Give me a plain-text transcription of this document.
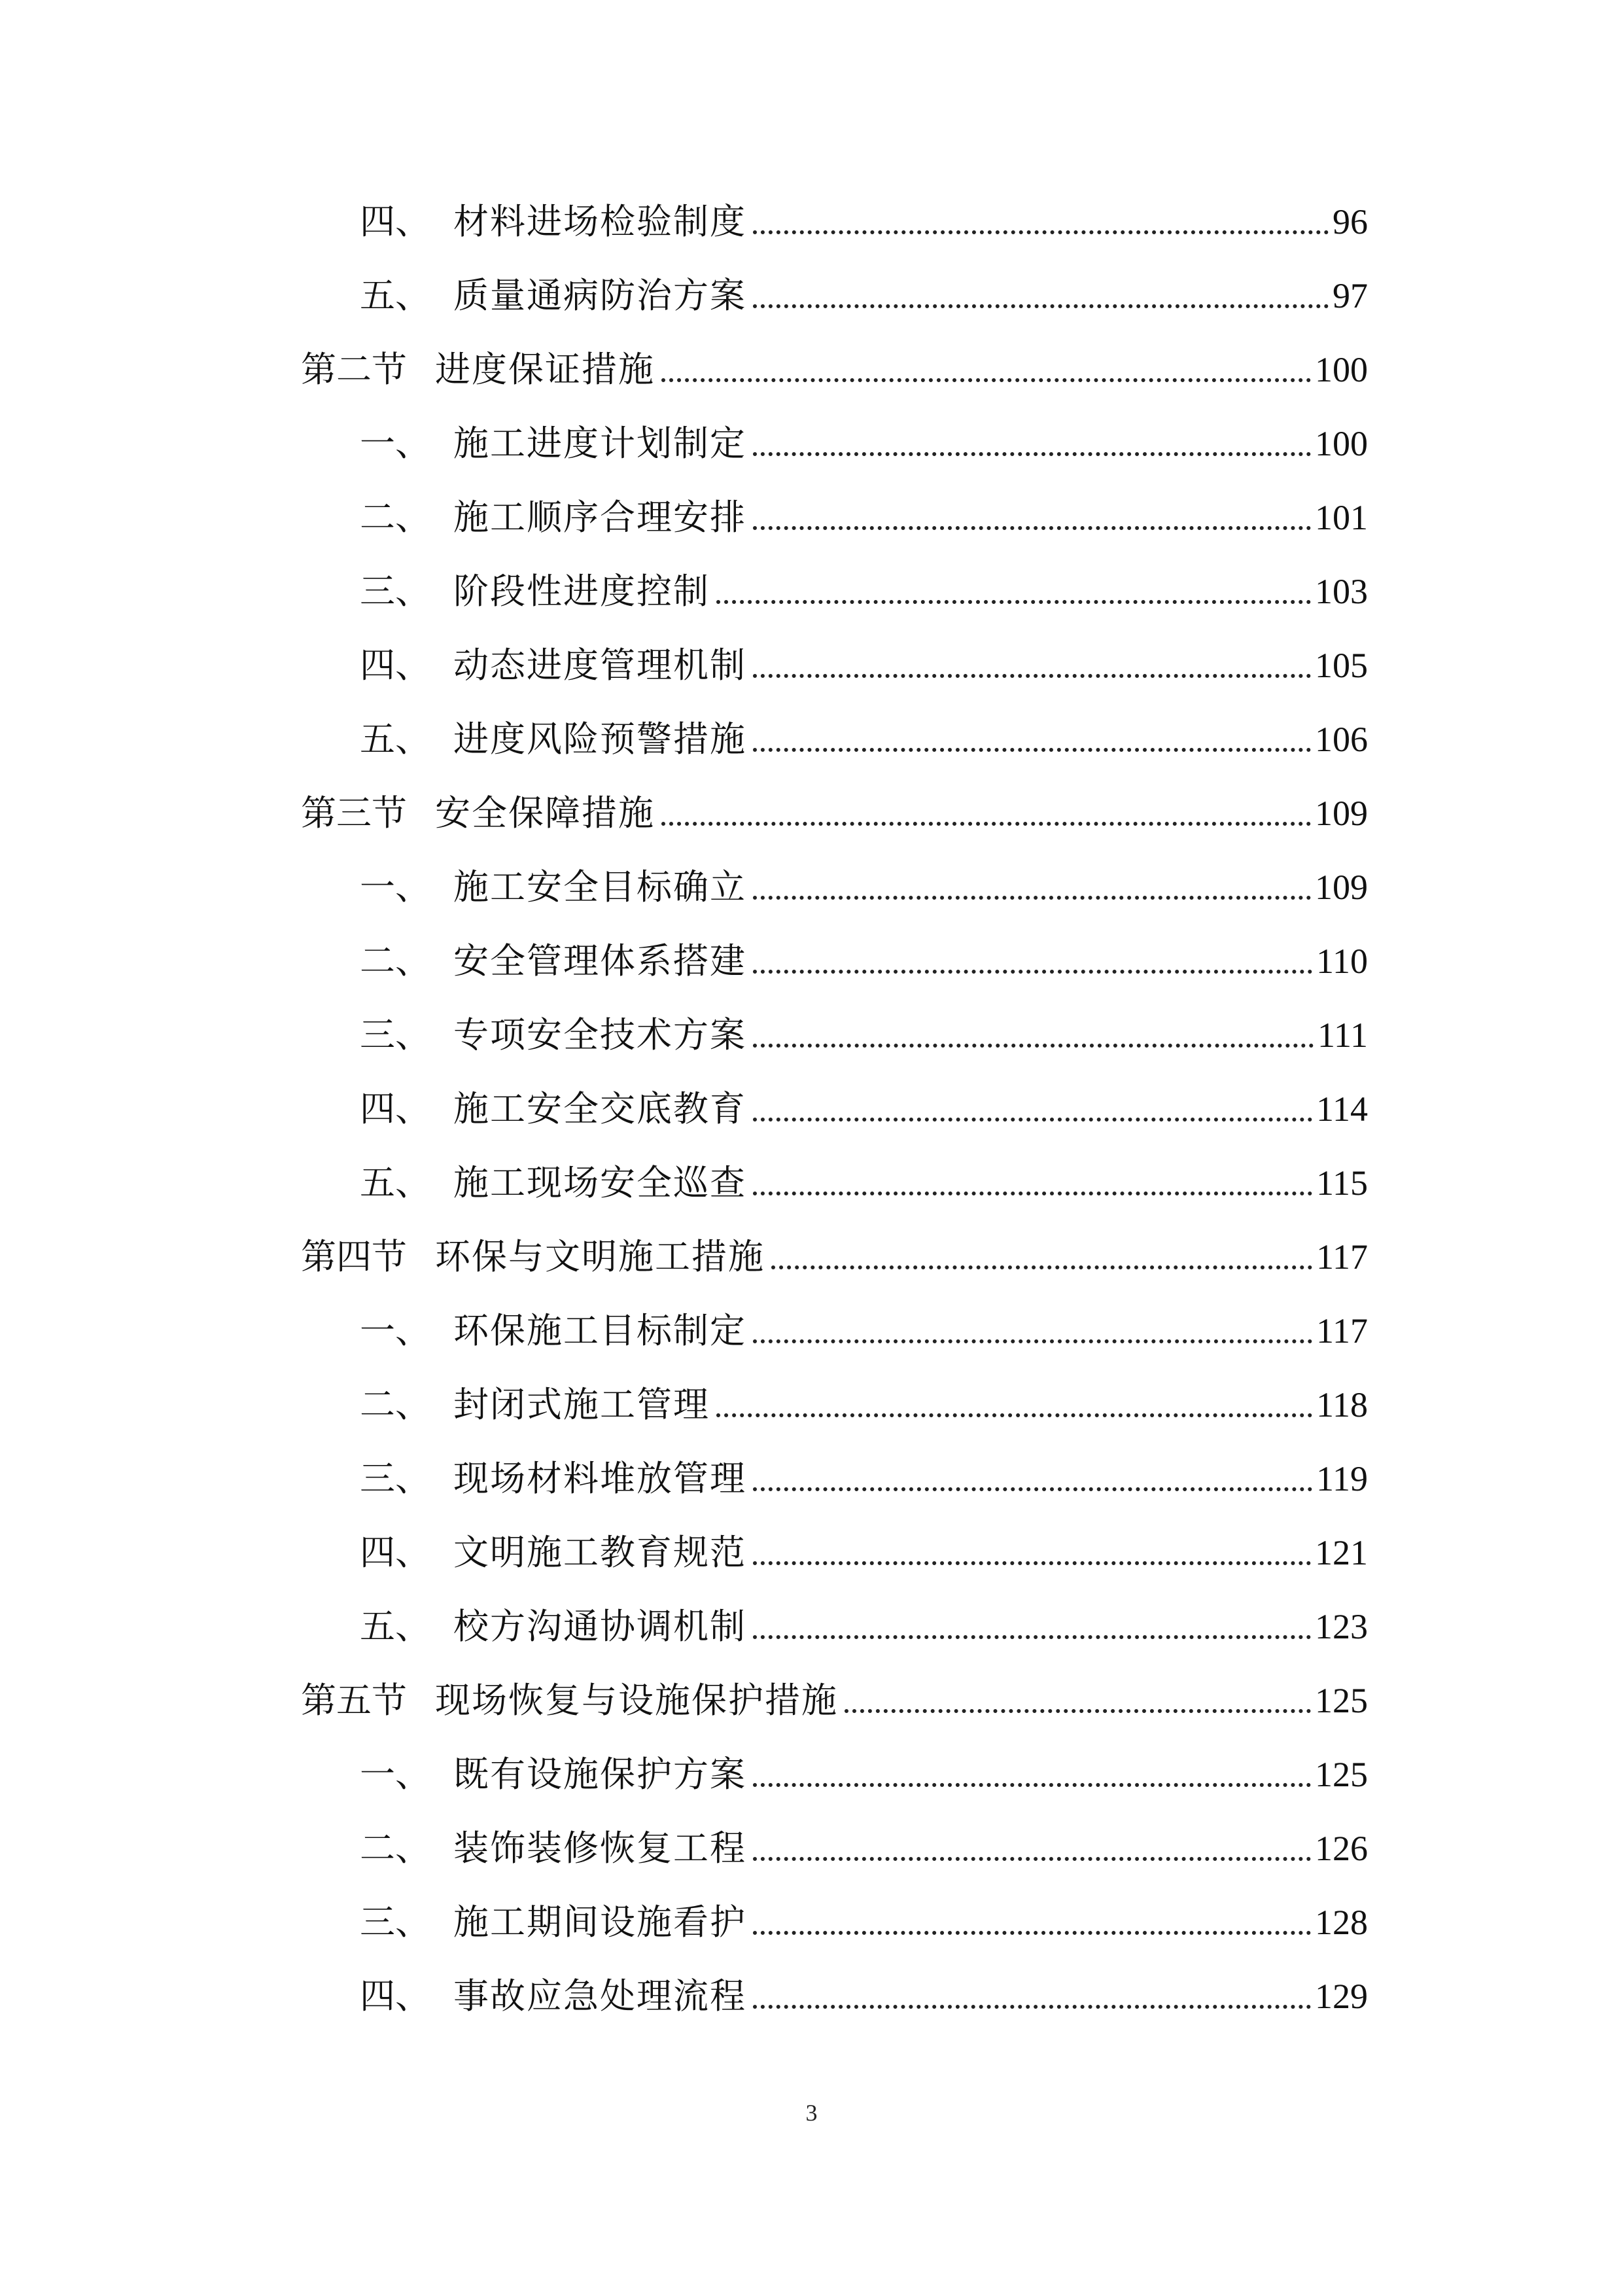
四、 材料进场检验制度	96
五、 质量通病防治方案	97
第二节 进度保证措施	100
一、 施工进度计划制定	100
二、 施工顺序合理安排	101
三、 阶段性进度控制	103
四、 动态进度管理机制	105
五、 进度风险预警措施	106
第三节 安全保障措施	109
一、 施工安全目标确立	109
二、 安全管理体系搭建	110
三、 专项安全技术方案	111
四、 施工安全交底教育	114
五、 施工现场安全巡查	115
第四节 环保与文明施工措施	117
一、 环保施工目标制定	117
二、 封闭式施工管理	118
三、 现场材料堆放管理	119
四、 文明施工教育规范	121
五、 校方沟通协调机制	123
第五节 现场恢复与设施保护措施	125
一、 既有设施保护方案	125
二、 装饰装修恢复工程	126
三、 施工期间设施看护	128
四、 事故应急处理流程	129
3
